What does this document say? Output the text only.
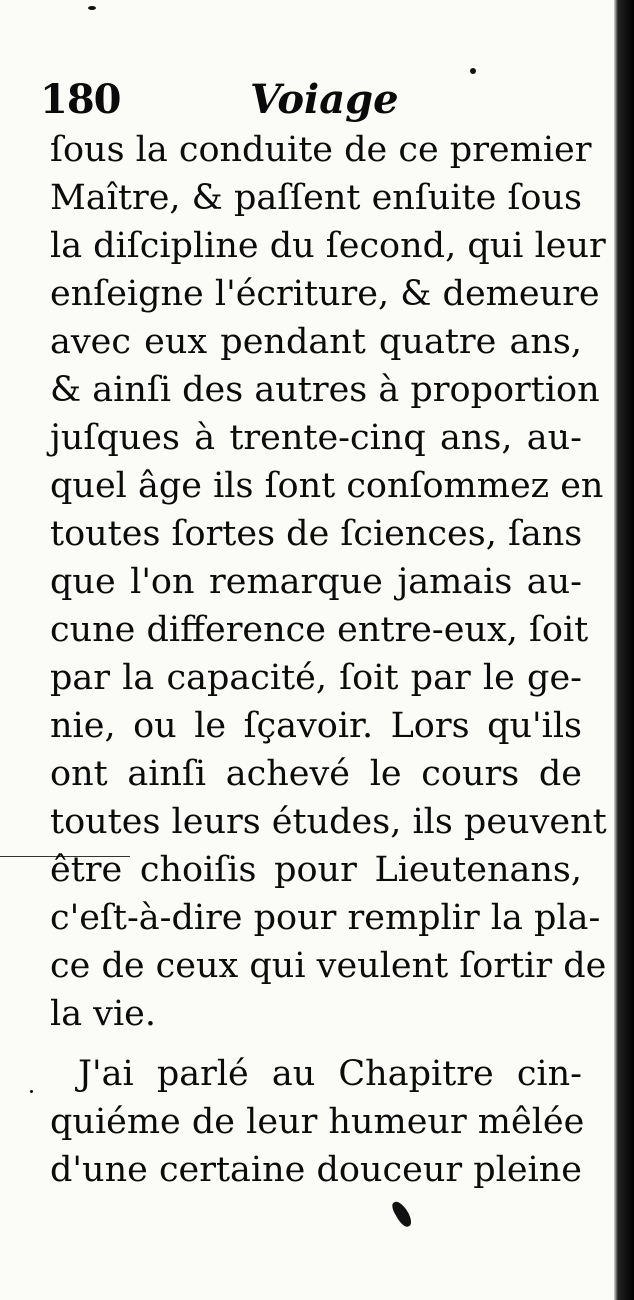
180	Voiage
ſous la conduite de ce premier
Maître, & paſſent enſuite ſous
la diſcipline du ſecond, qui leur
enſeigne l'écriture, & demeure
avec eux pendant quatre ans,
& ainſi des autres à proportion
juſques à trente-cinq ans, au-
quel âge ils ſont conſommez en
toutes ſortes de ſciences, ſans
que l'on remarque jamais au-
cune difference entre-eux, ſoit
par la capacité, ſoit par le ge-
nie, ou le ſçavoir. Lors qu'ils
ont ainſi achevé le cours de
toutes leurs études, ils peuvent
être choiſis pour Lieutenans,
c'eſt-à-dire pour remplir la pla-
ce de ceux qui veulent ſortir de
la vie.
J'ai parlé au Chapitre cin-
quiéme de leur humeur mêlée
d'une certaine douceur pleine
